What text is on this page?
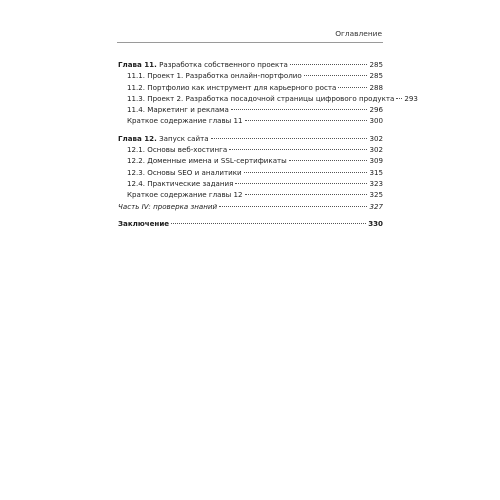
Оглавление
Глава 11. Разработка собственного проекта	285
11.1. Проект 1. Разработка онлайн-портфолио	285
11.2. Портфолио как инструмент для карьерного роста	288
11.3. Проект 2. Разработка посадочной страницы цифрового продукта 293
11.4. Маркетинг и реклама	296
Краткое содержание главы 11	300
Глава 12. Запуск сайта	302
12.1. Основы веб-хостинга	302
12.2. Доменные имена и SSL-сертификаты	309
12.3. Основы SEO и аналитики	315
12.4. Практические задания	323
Краткое содержание главы 12	325
Часть IV: проверка знаний	327
Заключение	330
